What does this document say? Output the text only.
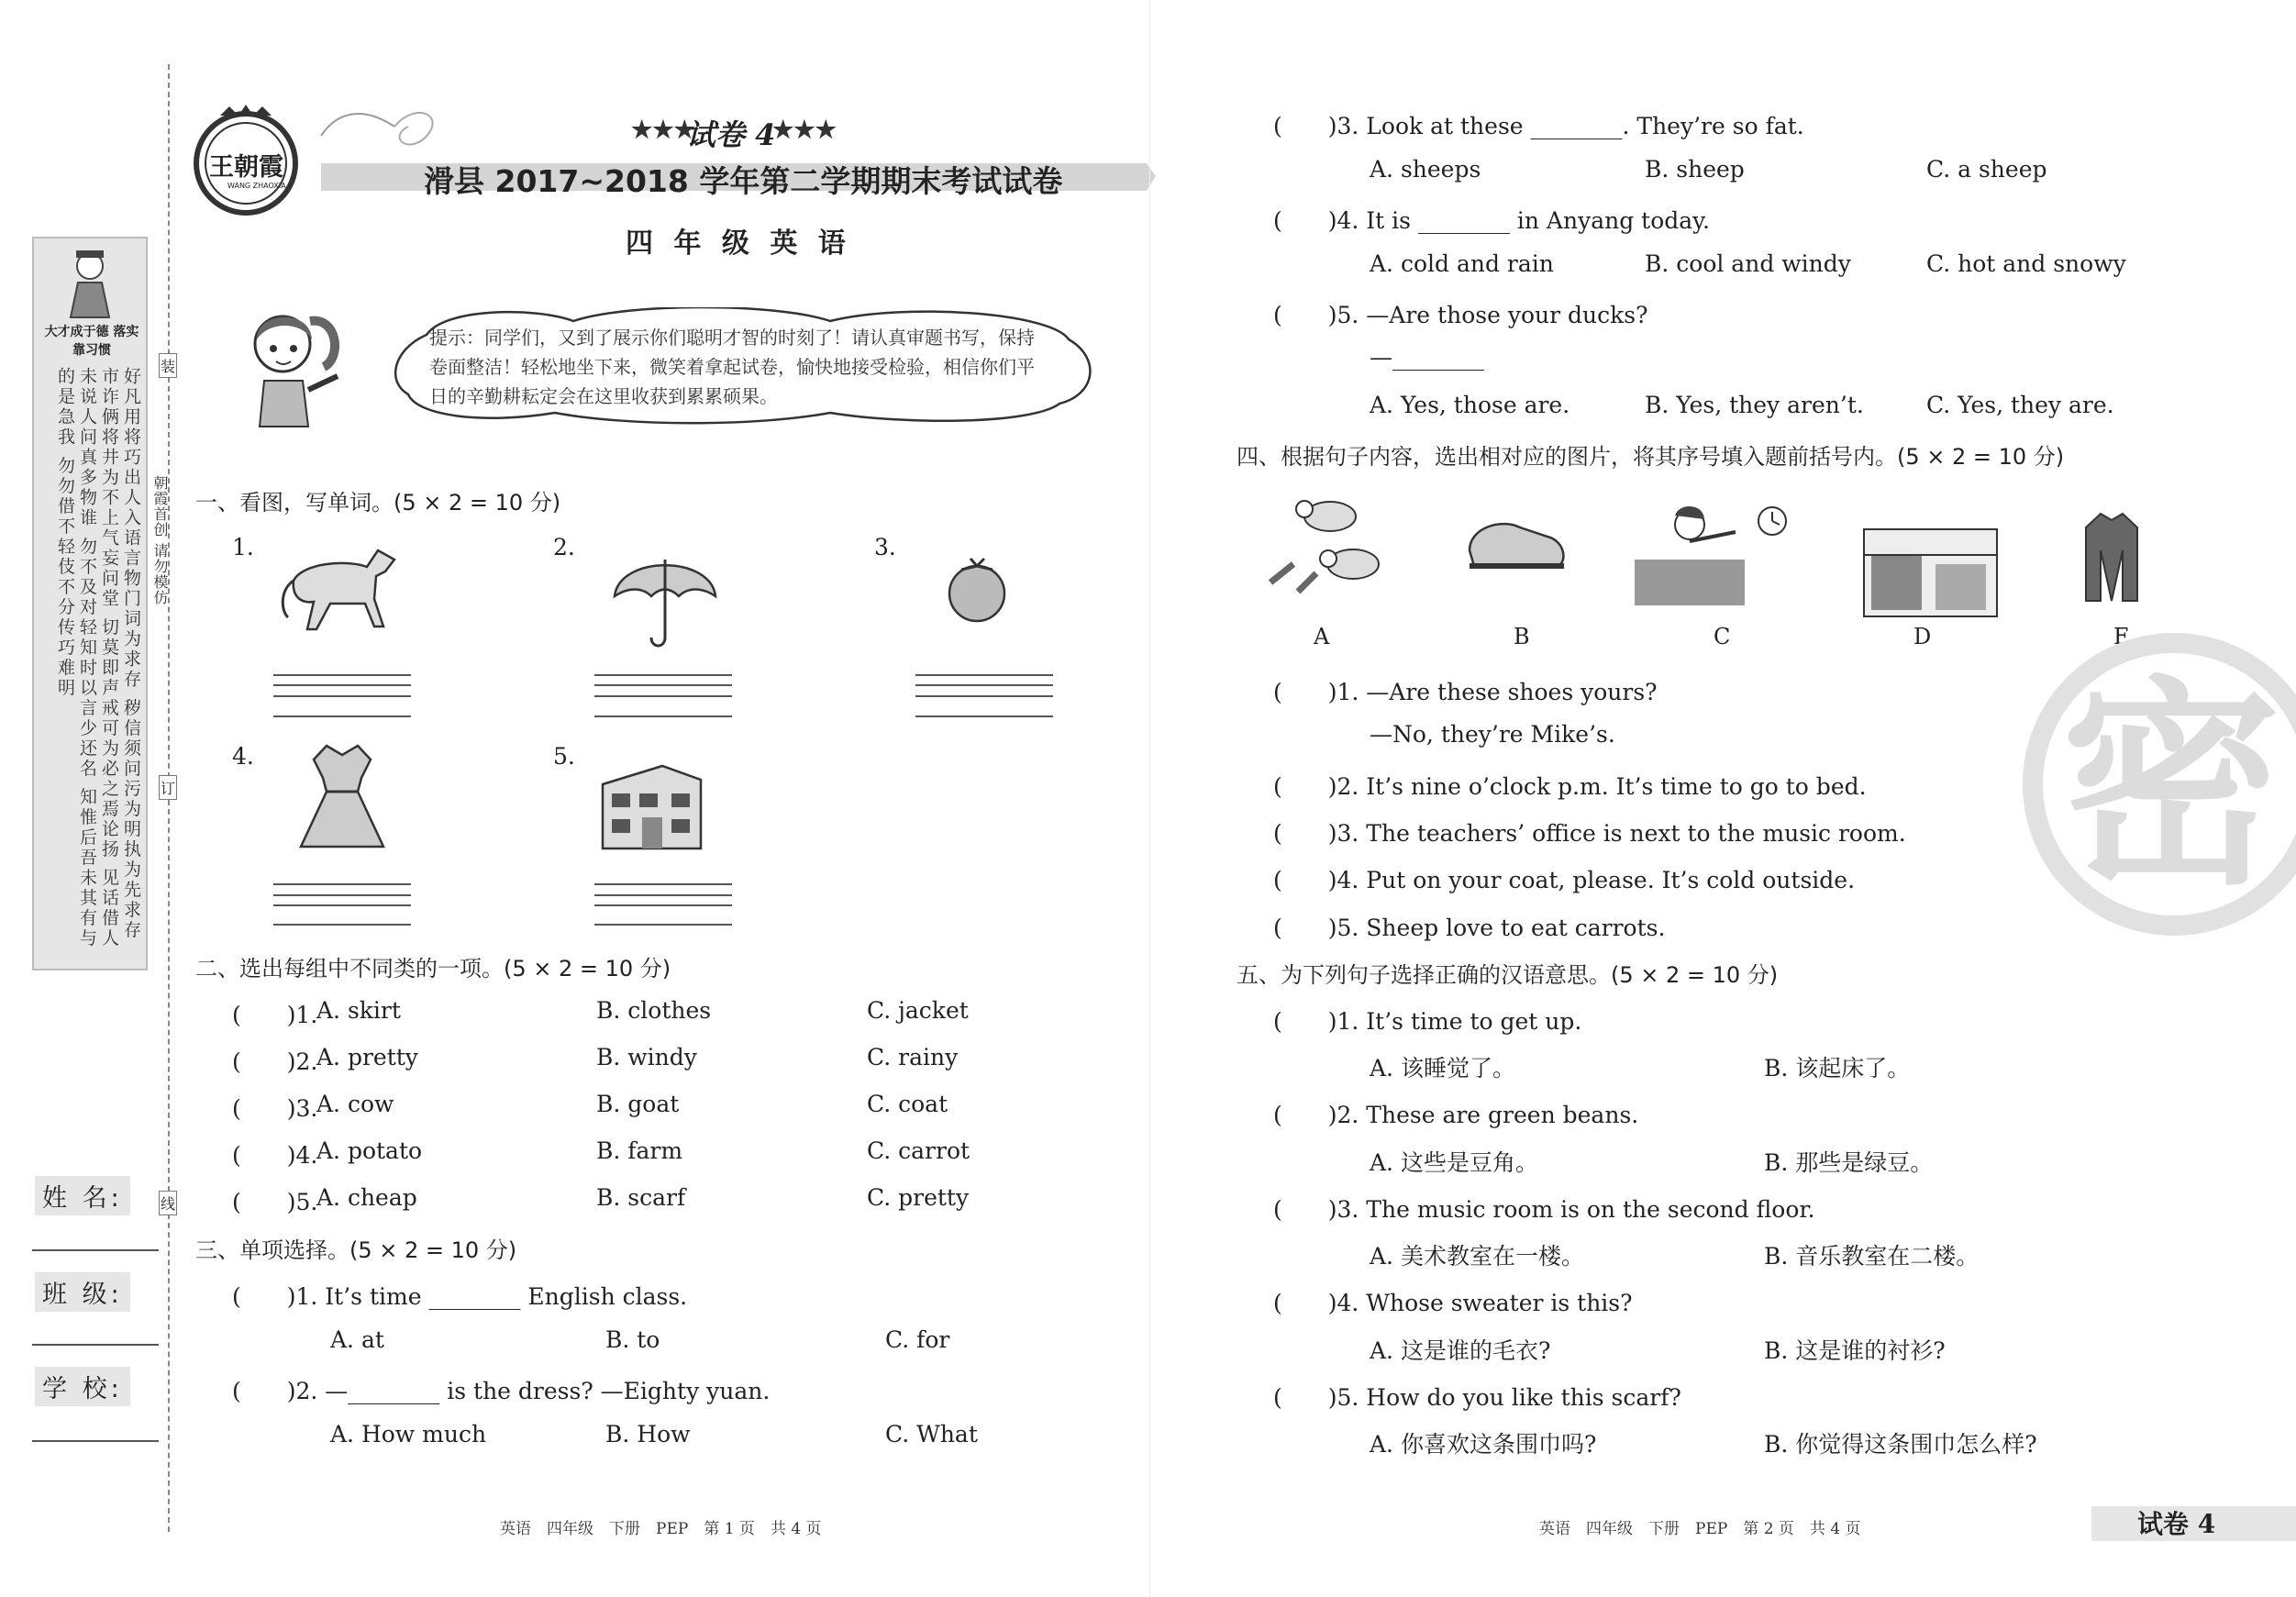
大才成于德 落实靠习惯
好凡用将巧出人入语言物门词为求存 秽信须问污为明执为先求存 市诈俩将井为不上气妄问堂 切莫即声戒可为必之焉论扬 见话借人未说人问真多物谁 勿不及对轻知时以言少还名 知惟后吾未其有与的是急我 勿勿借不轻伎不分传巧难明
装
订
线
朝霞首创 请勿模仿
姓 名:
班 级:
学 校:
王朝霞
WANG ZHAOXIA
★★★
试卷 4
★★★
滑县 2017~2018 学年第二学期期末考试试卷
四 年 级 英 语
提示：同学们，又到了展示你们聪明才智的时刻了！请认真审题书写，保持卷面整洁！轻松地坐下来，微笑着拿起试卷，愉快地接受检验，相信你们平日的辛勤耕耘定会在这里收获到累累硕果。
一、看图，写单词。(5 × 2 = 10 分)
1.	2.	3.
4.	5.
二、选出每组中不同类的一项。(5 × 2 = 10 分)
(　　)1.
A. skirt	B. clothes	C. jacket
(　　)2.
A. pretty	B. windy	C. rainy
(　　)3.
A. cow	B. goat	C. coat
(　　)4.
A. potato	B. farm	C. carrot
(　　)5.
A. cheap	B. scarf	C. pretty
三、单项选择。(5 × 2 = 10 分)
(　　)1. It’s time ________ English class.
A. at	B. to	C. for
(　　)2. —________ is the dress? —Eighty yuan.
A. How much	B. How	C. What
英语　四年级　下册　PEP　第 1 页　共 4 页
(　　)3. Look at these ________. They’re so fat.
A. sheeps	B. sheep	C. a sheep
(　　)4. It is ________ in Anyang today.
A. cold and rain	B. cool and windy	C. hot and snowy
(　　)5. —Are those your ducks?
—________
A. Yes, those are.	B. Yes, they aren’t.	C. Yes, they are.
四、根据句子内容，选出相对应的图片，将其序号填入题前括号内。(5 × 2 = 10 分)
A	B	C	D	E
(　　)1. —Are these shoes yours?
—No, they’re Mike’s.
(　　)2. It’s nine o’clock p.m. It’s time to go to bed.
(　　)3. The teachers’ office is next to the music room.
(　　)4. Put on your coat, please. It’s cold outside.
(　　)5. Sheep love to eat carrots.
密
五、为下列句子选择正确的汉语意思。(5 × 2 = 10 分)
(　　)1. It’s time to get up.
A. 该睡觉了。	B. 该起床了。
(　　)2. These are green beans.
A. 这些是豆角。	B. 那些是绿豆。
(　　)3. The music room is on the second floor.
A. 美术教室在一楼。	B. 音乐教室在二楼。
(　　)4. Whose sweater is this?
A. 这是谁的毛衣?	B. 这是谁的衬衫?
(　　)5. How do you like this scarf?
A. 你喜欢这条围巾吗?	B. 你觉得这条围巾怎么样?
英语　四年级　下册　PEP　第 2 页　共 4 页	试卷 4
